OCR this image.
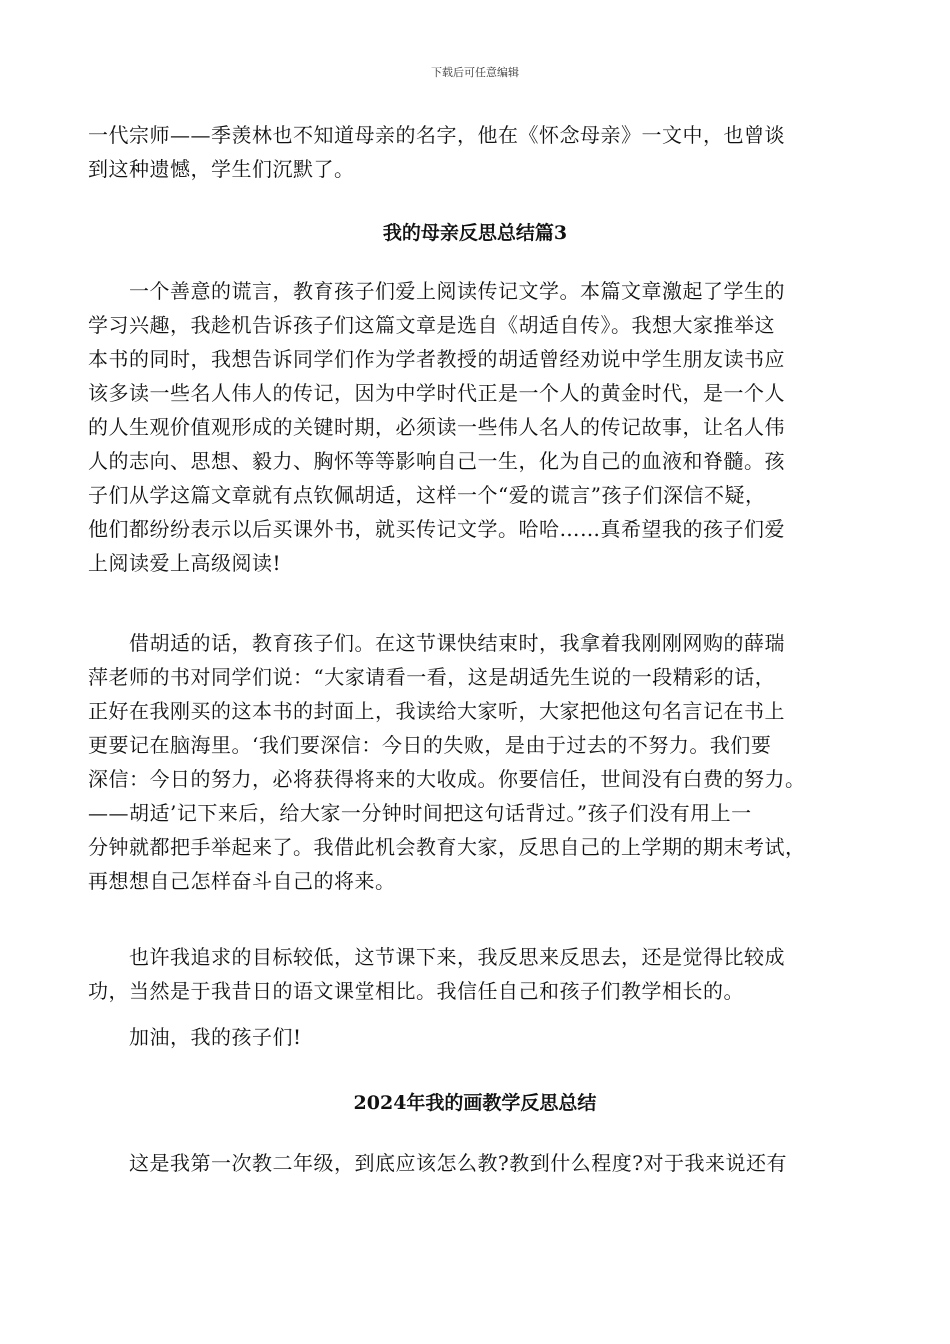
下载后可任意编辑
一代宗师——季羡林也不知道母亲的名字，他在《怀念母亲》一文中，也曾谈
到这种遗憾，学生们沉默了。
我的母亲反思总结篇3
　　一个善意的谎言，教育孩子们爱上阅读传记文学。本篇文章激起了学生的
学习兴趣，我趁机告诉孩子们这篇文章是选自《胡适自传》。我想大家推举这
本书的同时，我想告诉同学们作为学者教授的胡适曾经劝说中学生朋友读书应
该多读一些名人伟人的传记，因为中学时代正是一个人的黄金时代，是一个人
的人生观价值观形成的关键时期，必须读一些伟人名人的传记故事，让名人伟
人的志向、思想、毅力、胸怀等等影响自己一生，化为自己的血液和脊髓。孩
子们从学这篇文章就有点钦佩胡适，这样一个“爱的谎言”孩子们深信不疑，
他们都纷纷表示以后买课外书，就买传记文学。哈哈……真希望我的孩子们爱
上阅读爱上高级阅读!
　　借胡适的话，教育孩子们。在这节课快结束时，我拿着我刚刚网购的薛瑞
萍老师的书对同学们说：“大家请看一看，这是胡适先生说的一段精彩的话，
正好在我刚买的这本书的封面上，我读给大家听，大家把他这句名言记在书上
更要记在脑海里。‘我们要深信：今日的失败，是由于过去的不努力。我们要
深信：今日的努力，必将获得将来的大收成。你要信任，世间没有白费的努力。
——胡适’记下来后，给大家一分钟时间把这句话背过。”孩子们没有用上一
分钟就都把手举起来了。我借此机会教育大家，反思自己的上学期的期末考试，
再想想自己怎样奋斗自己的将来。
　　也许我追求的目标较低，这节课下来，我反思来反思去，还是觉得比较成
功，当然是于我昔日的语文课堂相比。我信任自己和孩子们教学相长的。
　　加油，我的孩子们!
2024年我的画教学反思总结
　　这是我第一次教二年级，到底应该怎么教?教到什么程度?对于我来说还有
